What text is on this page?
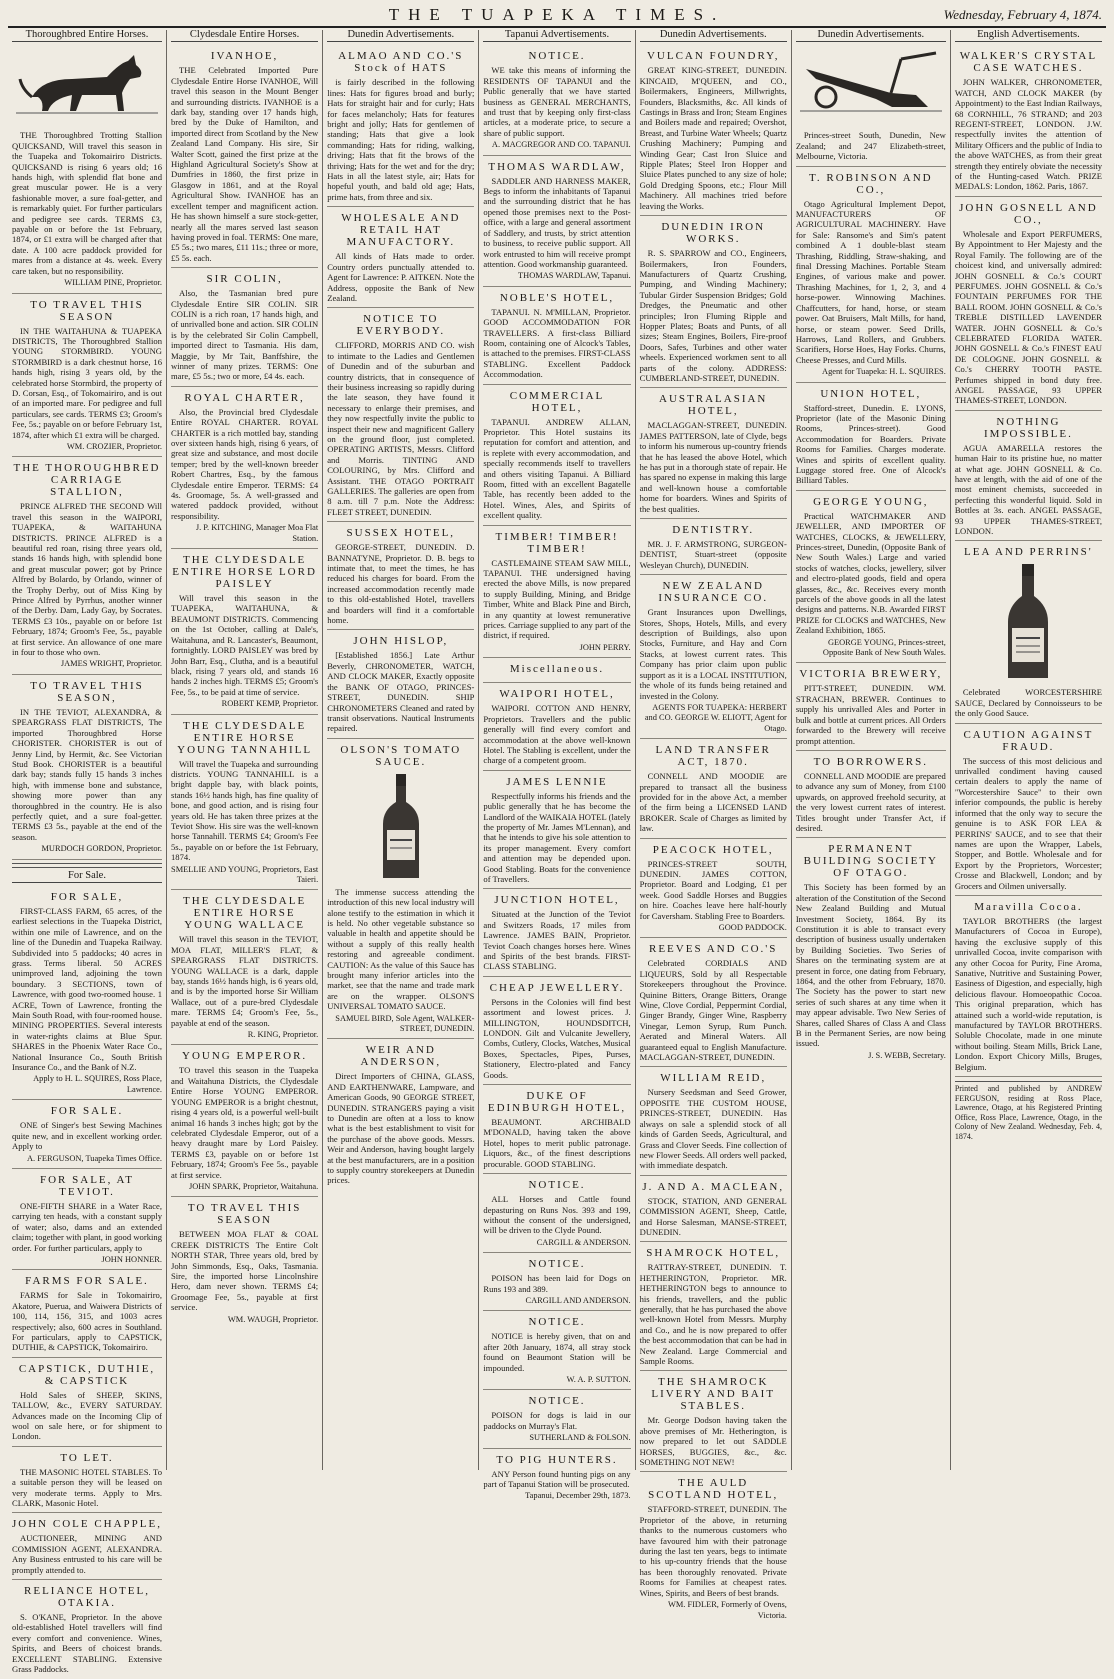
THE TUAPEKA TIMES.	Wednesday, February 4, 1874.
Thoroughbred Entire Horses.

THE Thoroughbred Trotting Stallion QUICKSAND, Will travel this season in the Tuapeka and Tokomairiro Districts. QUICKSAND is rising 6 years old; 16 hands high, with splendid flat bone and great muscular power. He is a very fashionable mover, a sure foal-getter, and is remarkably quiet. For further particulars and pedigree see cards. TERMS £3, payable on or before the 1st February, 1874, or £1 extra will be charged after that date. A 100 acre paddock provided for mares from a distance at 4s. week. Every care taken, but no responsibility.

WILLIAM PINE, Proprietor.
TO TRAVEL THIS SEASON

IN THE WAITAHUNA & TUAPEKA DISTRICTS, The Thoroughbred Stallion YOUNG STORMBIRD. YOUNG STORMBIRD is a dark chestnut horse, 16 hands high, rising 3 years old, by the celebrated horse Stormbird, the property of D. Corsan, Esq., of Tokomairiro, and is out of an imported mare. For pedigree and full particulars, see cards. TERMS £3; Groom's Fee, 5s.; payable on or before February 1st, 1874, after which £1 extra will be charged.

WM. CROZIER, Proprietor.
THE THOROUGHBRED CARRIAGE STALLION,

PRINCE ALFRED THE SECOND Will travel this season in the WAIPORI, TUAPEKA, & WAITAHUNA DISTRICTS. PRINCE ALFRED is a beautiful red roan, rising three years old, stands 16 hands high, with splendid bone and great muscular power; got by Prince Alfred by Bolardo, by Orlando, winner of the Trophy Derby, out of Miss King by Prince Alfred by Pyrrhus, another winner of the Derby. Dam, Lady Gay, by Socrates. TERMS £3 10s., payable on or before 1st February, 1874; Groom's Fee, 5s., payable at first service. An allowance of one mare in four to those who own.

JAMES WRIGHT, Proprietor.
TO TRAVEL THIS SEASON,

IN THE TEVIOT, ALEXANDRA, & SPEARGRASS FLAT DISTRICTS, The imported Thoroughbred Horse CHORISTER. CHORISTER is out of Jenny Lind, by Hermit, &c. See Victorian Stud Book. CHORISTER is a beautiful dark bay; stands fully 15 hands 3 inches high, with immense bone and substance, showing more power than any thoroughbred in the country. He is also perfectly quiet, and a sure foal-getter. TERMS £3 5s., payable at the end of the season.

MURDOCH GORDON, Proprietor.
For Sale.
FOR SALE,

FIRST-CLASS FARM, 65 acres, of the earliest selections in the Tuapeka District, within one mile of Lawrence, and on the line of the Dunedin and Tuapeka Railway. Subdivided into 5 paddocks; 40 acres in grass. Terms liberal. 50 ACRES unimproved land, adjoining the town boundary. 3 SECTIONS, town of Lawrence, with good two-roomed house. 1 ACRE, Town of Lawrence, fronting the Main South Road, with four-roomed house. MINING PROPERTIES. Several interests in water-rights claims at Blue Spur. SHARES in the Phoenix Water Race Co., National Insurance Co., South British Insurance Co., and the Bank of N.Z.

Apply to H. L. SQUIRES, Ross Place, Lawrence.
FOR SALE.

ONE of Singer's best Sewing Machines quite new, and in excellent working order. Apply to

A. FERGUSON, Tuapeka Times Office.
FOR SALE, AT TEVIOT.

ONE-FIFTH SHARE in a Water Race, carrying ten heads, with a constant supply of water; also, dams and an extended claim; together with plant, in good working order. For further particulars, apply to

JOHN HONNER.
FARMS FOR SALE.

FARMS for Sale in Tokomairiro, Akatore, Puerua, and Waiwera Districts of 100, 114, 156, 315, and 1003 acres respectively; also, 600 acres in Southland. For particulars, apply to CAPSTICK, DUTHIE, & CAPSTICK, Tokomairiro.

CAPSTICK, DUTHIE, & CAPSTICK

Hold Sales of SHEEP, SKINS, TALLOW, &c., EVERY SATURDAY. Advances made on the Incoming Clip of wool on sale here, or for shipment to London.

TO LET.

THE MASONIC HOTEL STABLES. To a suitable person they will be leased on very moderate terms. Apply to Mrs. CLARK, Masonic Hotel.

JOHN COLE CHAPPLE,

AUCTIONEER, MINING AND COMMISSION AGENT, ALEXANDRA. Any Business entrusted to his care will be promptly attended to.

RELIANCE HOTEL, OTAKIA.

S. O'KANE, Proprietor. In the above old-established Hotel travellers will find every comfort and convenience. Wines, Spirits, and Beers of choicest brands. EXCELLENT STABLING. Extensive Grass Paddocks.

Clydesdale Entire Horses.
IVANHOE,

THE Celebrated Imported Pure Clydesdale Entire Horse IVANHOE, Will travel this season in the Mount Benger and surrounding districts. IVANHOE is a dark bay, standing over 17 hands high, bred by the Duke of Hamilton, and imported direct from Scotland by the New Zealand Land Company. His sire, Sir Walter Scott, gained the first prize at the Highland Agricultural Society's Show at Dumfries in 1860, the first prize in Glasgow in 1861, and at the Royal Agricultural Show. IVANHOE has an excellent temper and magnificent action. He has shown himself a sure stock-getter, nearly all the mares served last season having proved in foal. TERMS: One mare, £5 5s.; two mares, £11 11s.; three or more, £5 5s. each.

SIR COLIN,

Also, the Tasmanian bred pure Clydesdale Entire SIR COLIN. SIR COLIN is a rich roan, 17 hands high, and of unrivalled bone and action. SIR COLIN is by the celebrated Sir Colin Campbell, imported direct to Tasmania. His dam, Maggie, by Mr Tait, Banffshire, the winner of many prizes. TERMS: One mare, £5 5s.; two or more, £4 4s. each.

ROYAL CHARTER,

Also, the Provincial bred Clydesdale Entire ROYAL CHARTER. ROYAL CHARTER is a rich mottled bay, standing over sixteen hands high, rising 6 years, of great size and substance, and most docile temper; bred by the well-known breeder Robert Chartres, Esq., by the famous Clydesdale entire Emperor. TERMS: £4 4s. Groomage, 5s. A well-grassed and watered paddock provided, without responsibility.

J. P. KITCHING, Manager Moa Flat Station.
THE CLYDESDALE ENTIRE HORSE LORD PAISLEY

Will travel this season in the TUAPEKA, WAITAHUNA, & BEAUMONT DISTRICTS. Commencing on the 1st October, calling at Dale's, Waitahuna, and R. Lancaster's, Beaumont, fortnightly. LORD PAISLEY was bred by John Barr, Esq., Clutha, and is a beautiful black, rising 7 years old, and stands 16 hands 2 inches high. TERMS £5; Groom's Fee, 5s., to be paid at time of service.

ROBERT KEMP, Proprietor.
THE CLYDESDALE ENTIRE HORSE YOUNG TANNAHILL

Will travel the Tuapeka and surrounding districts. YOUNG TANNAHILL is a bright dapple bay, with black points, stands 16½ hands high, has fine quality of bone, and good action, and is rising four years old. He has taken three prizes at the Teviot Show. His sire was the well-known horse Tannahill. TERMS £4; Groom's Fee 5s., payable on or before the 1st February, 1874.

SMELLIE AND YOUNG, Proprietors, East Taieri.
THE CLYDESDALE ENTIRE HORSE YOUNG WALLACE

Will travel this season in the TEVIOT, MOA FLAT, MILLER'S FLAT, & SPEARGRASS FLAT DISTRICTS. YOUNG WALLACE is a dark, dapple bay, stands 16½ hands high, is 6 years old, and is by the imported horse Sir William Wallace, out of a pure-bred Clydesdale mare. TERMS £4; Groom's Fee, 5s., payable at end of the season.

R. KING, Proprietor.
YOUNG EMPEROR.

TO travel this season in the Tuapeka and Waitahuna Districts, the Clydesdale Entire Horse YOUNG EMPEROR. YOUNG EMPEROR is a bright chestnut, rising 4 years old, is a powerful well-built animal 16 hands 3 inches high; got by the celebrated Clydesdale Emperor, out of a heavy draught mare by Lord Paisley. TERMS £3, payable on or before 1st February, 1874; Groom's Fee 5s., payable at first service.

JOHN SPARK, Proprietor, Waitahuna.
TO TRAVEL THIS SEASON

BETWEEN MOA FLAT & COAL CREEK DISTRICTS The Entire Colt NORTH STAR, Three years old, bred by John Simmonds, Esq., Oaks, Tasmania. Sire, the imported horse Lincolnshire Hero, dam never shown. TERMS £4; Groomage Fee, 5s., payable at first service.

WM. WAUGH, Proprietor.
Dunedin Advertisements.
ALMAO AND CO.'S Stock of HATS

is fairly described in the following lines: Hats for figures broad and burly; Hats for straight hair and for curly; Hats for faces melancholy; Hats for features bright and jolly; Hats for gentlemen of standing; Hats that give a look commanding; Hats for riding, walking, driving; Hats that fit the brows of the thriving; Hats for the wet and for the dry; Hats in all the latest style, air; Hats for hopeful youth, and bald old age; Hats, prime hats, from three and six.

WHOLESALE AND RETAIL HAT MANUFACTORY.

All kinds of Hats made to order. Country orders punctually attended to. Agent for Lawrence: P. AITKEN. Note the Address, opposite the Bank of New Zealand.

NOTICE TO EVERYBODY.

CLIFFORD, MORRIS AND CO. wish to intimate to the Ladies and Gentlemen of Dunedin and of the suburban and country districts, that in consequence of their business increasing so rapidly during the late season, they have found it necessary to enlarge their premises, and they now respectfully invite the public to inspect their new and magnificent Gallery on the ground floor, just completed. OPERATING ARTISTS, Messrs. Clifford and Morris. TINTING AND COLOURING, by Mrs. Clifford and Assistant. THE OTAGO PORTRAIT GALLERIES. The galleries are open from 8 a.m. till 7 p.m. Note the Address: FLEET STREET, DUNEDIN.

SUSSEX HOTEL,

GEORGE-STREET, DUNEDIN. D. BANNATYNE, Proprietor. D. B. begs to intimate that, to meet the times, he has reduced his charges for board. From the increased accommodation recently made to this old-established Hotel, travellers and boarders will find it a comfortable home.

JOHN HISLOP,

[Established 1856.] Late Arthur Beverly, CHRONOMETER, WATCH, AND CLOCK MAKER, Exactly opposite the BANK OF OTAGO, PRINCES-STREET, DUNEDIN. SHIP CHRONOMETERS Cleaned and rated by transit observations. Nautical Instruments repaired.

OLSON'S TOMATO SAUCE.

The immense success attending the introduction of this new local industry will alone testify to the estimation in which it is held. No other vegetable substance so valuable in health and appetite should be without a supply of this really health restoring and agreeable condiment. CAUTION: As the value of this Sauce has brought many inferior articles into the market, see that the name and trade mark are on the wrapper. OLSON'S UNIVERSAL TOMATO SAUCE.

SAMUEL BIRD, Sole Agent, WALKER-STREET, DUNEDIN.
WEIR AND ANDERSON,

Direct Importers of CHINA, GLASS, AND EARTHENWARE, Lampware, and American Goods, 90 GEORGE STREET, DUNEDIN. STRANGERS paying a visit to Dunedin are often at a loss to know what is the best establishment to visit for the purchase of the above goods. Messrs. Weir and Anderson, having bought largely at the best manufacturers, are in a position to supply country storekeepers at Dunedin prices.

Tapanui Advertisements.
NOTICE.

WE take this means of informing the RESIDENTS OF TAPANUI and the Public generally that we have started business as GENERAL MERCHANTS, and trust that by keeping only first-class articles, at a moderate price, to secure a share of public support.

A. MACGREGOR AND CO. TAPANUI.
THOMAS WARDLAW,

SADDLER AND HARNESS MAKER, Begs to inform the inhabitants of Tapanui and the surrounding district that he has opened those premises next to the Post-office, with a large and general assortment of Saddlery, and trusts, by strict attention to business, to receive public support. All work entrusted to him will receive prompt attention. Good workmanship guaranteed.

THOMAS WARDLAW, Tapanui.
NOBLE'S HOTEL,

TAPANUI. N. M'MILLAN, Proprietor. GOOD ACCOMMODATION FOR TRAVELLERS. A first-class Billiard Room, containing one of Alcock's Tables, is attached to the premises. FIRST-CLASS STABLING. Excellent Paddock Accommodation.

COMMERCIAL HOTEL,

TAPANUI. ANDREW ALLAN, Proprietor. This Hotel sustains its reputation for comfort and attention, and is replete with every accommodation, and specially recommends itself to travellers and others visiting Tapanui. A Billiard Room, fitted with an excellent Bagatelle Table, has recently been added to the Hotel. Wines, Ales, and Spirits of excellent quality.

TIMBER! TIMBER! TIMBER!

CASTLEMAINE STEAM SAW MILL, TAPANUI. THE undersigned having erected the above Mills, is now prepared to supply Building, Mining, and Bridge Timber, White and Black Pine and Birch, in any quantity at lowest remunerative prices. Carriage supplied to any part of the district, if required.

JOHN PERRY.
Miscellaneous.
WAIPORI HOTEL,

WAIPORI. COTTON AND HENRY, Proprietors. Travellers and the public generally will find every comfort and accommodation at the above well-known Hotel. The Stabling is excellent, under the charge of a competent groom.

JAMES LENNIE

Respectfully informs his friends and the public generally that he has become the Landlord of the WAIKAIA HOTEL (lately the property of Mr. James M'Lennan), and that he intends to give his sole attention to its proper management. Every comfort and attention may be depended upon. Good Stabling. Boats for the convenience of Travellers.

JUNCTION HOTEL,

Situated at the Junction of the Teviot and Switzers Roads, 17 miles from Lawrence. JAMES BAIN, Proprietor. Teviot Coach changes horses here. Wines and Spirits of the best brands. FIRST-CLASS STABLING.

CHEAP JEWELLERY.

Persons in the Colonies will find best assortment and lowest prices. J. MILLINGTON, HOUNDSDITCH, LONDON. Gilt and Vulcanite Jewellery, Combs, Cutlery, Clocks, Watches, Musical Boxes, Spectacles, Pipes, Purses, Stationery, Electro-plated and Fancy Goods.

DUKE OF EDINBURGH HOTEL,

BEAUMONT. ARCHIBALD M'DONALD, having taken the above Hotel, hopes to merit public patronage. Liquors, &c., of the finest descriptions procurable. GOOD STABLING.

NOTICE.

ALL Horses and Cattle found depasturing on Runs Nos. 393 and 199, without the consent of the undersigned, will be driven to the Clyde Pound.

CARGILL & ANDERSON.
NOTICE.

POISON has been laid for Dogs on Runs 193 and 389.

CARGILL AND ANDERSON.
NOTICE.

NOTICE is hereby given, that on and after 20th January, 1874, all stray stock found on Beaumont Station will be impounded.

W. A. P. SUTTON.
NOTICE.

POISON for dogs is laid in our paddocks on Murray's Flat.

SUTHERLAND & FOLSON.
TO PIG HUNTERS.

ANY Person found hunting pigs on any part of Tapanui Station will be prosecuted.

Tapanui, December 29th, 1873.
Dunedin Advertisements.
VULCAN FOUNDRY,

GREAT KING-STREET, DUNEDIN. KINCAID, M'QUEEN, and CO., Boilermakers, Engineers, Millwrights, Founders, Blacksmiths, &c. All kinds of Castings in Brass and Iron; Steam Engines and Boilers made and repaired; Overshot, Breast, and Turbine Water Wheels; Quartz Crushing Machinery; Pumping and Winding Gear; Cast Iron Sluice and Ripple Plates; Steel Iron Hopper and Sluice Plates punched to any size of hole; Gold Dredging Spoons, etc.; Flour Mill Machinery. All machines tried before leaving the Works.

DUNEDIN IRON WORKS.

R. S. SPARROW and CO., Engineers, Boilermakers, Iron Founders, Manufacturers of Quartz Crushing, Pumping, and Winding Machinery; Tubular Girder Suspension Bridges; Gold Dredges, the Pneumatic and other principles; Iron Fluming Ripple and Hopper Plates; Boats and Punts, of all sizes; Steam Engines, Boilers, Fire-proof Doors, Safes, Turbines and other water wheels. Experienced workmen sent to all parts of the colony. ADDRESS: CUMBERLAND-STREET, DUNEDIN.

AUSTRALASIAN HOTEL,

MACLAGGAN-STREET, DUNEDIN. JAMES PATTERSON, late of Clyde, begs to inform his numerous up-country friends that he has leased the above Hotel, which he has put in a thorough state of repair. He has spared no expense in making this large and well-known house a comfortable home for boarders. Wines and Spirits of the best qualities.

DENTISTRY.

MR. J. F. ARMSTRONG, SURGEON-DENTIST, Stuart-street (opposite Wesleyan Church), DUNEDIN.

NEW ZEALAND INSURANCE CO.

Grant Insurances upon Dwellings, Stores, Shops, Hotels, Mills, and every description of Buildings, also upon Stocks, Furniture, and Hay and Corn Stacks, at lowest current rates. This Company has prior claim upon public support as it is a LOCAL INSTITUTION, the whole of its funds being retained and invested in the Colony.

AGENTS FOR TUAPEKA: HERBERT and CO. GEORGE W. ELIOTT, Agent for Otago.
LAND TRANSFER ACT, 1870.

CONNELL AND MOODIE are prepared to transact all the business provided for in the above Act, a member of the firm being a LICENSED LAND BROKER. Scale of Charges as limited by law.

PEACOCK HOTEL,

PRINCES-STREET SOUTH, DUNEDIN. JAMES COTTON, Proprietor. Board and Lodging, £1 per week. Good Saddle Horses and Buggies on hire. Coaches leave here half-hourly for Caversham. Stabling Free to Boarders.

GOOD PADDOCK.
REEVES AND CO.'S

Celebrated CORDIALS AND LIQUEURS, Sold by all Respectable Storekeepers throughout the Province. Quinine Bitters, Orange Bitters, Orange Wine, Clove Cordial, Peppermint Cordial, Ginger Brandy, Ginger Wine, Raspberry Vinegar, Lemon Syrup, Rum Punch. Aerated and Mineral Waters. All guaranteed equal to English Manufacture. MACLAGGAN-STREET, DUNEDIN.

WILLIAM REID,

Nursery Seedsman and Seed Grower, OPPOSITE THE CUSTOM HOUSE, PRINCES-STREET, DUNEDIN. Has always on sale a splendid stock of all kinds of Garden Seeds, Agricultural, and Grass and Clover Seeds. Fine collection of new Flower Seeds. All orders well packed, with immediate despatch.

J. AND A. MACLEAN,

STOCK, STATION, AND GENERAL COMMISSION AGENT, Sheep, Cattle, and Horse Salesman, MANSE-STREET, DUNEDIN.

SHAMROCK HOTEL,

RATTRAY-STREET, DUNEDIN. T. HETHERINGTON, Proprietor. MR. HETHERINGTON begs to announce to his friends, travellers, and the public generally, that he has purchased the above well-known Hotel from Messrs. Murphy and Co., and he is now prepared to offer the best accommodation that can be had in New Zealand. Large Commercial and Sample Rooms.

THE SHAMROCK LIVERY AND BAIT STABLES.

Mr. George Dodson having taken the above premises of Mr. Hetherington, is now prepared to let out SADDLE HORSES, BUGGIES, &c., &c. SOMETHING NOT NEW!

THE AULD SCOTLAND HOTEL,

STAFFORD-STREET, DUNEDIN. The Proprietor of the above, in returning thanks to the numerous customers who have favoured him with their patronage during the last ten years, begs to intimate to his up-country friends that the house has been thoroughly renovated. Private Rooms for Families at cheapest rates. Wines, Spirits, and Beers of best brands.

WM. FIDLER, Formerly of Ovens, Victoria.
Dunedin Advertisements.

Princes-street South, Dunedin, New Zealand; and 247 Elizabeth-street, Melbourne, Victoria.

T. ROBINSON AND CO.,

Otago Agricultural Implement Depot, MANUFACTURERS OF AGRICULTURAL MACHINERY. Have for Sale: Ransome's and Sim's patent combined A 1 double-blast steam Thrashing, Riddling, Straw-shaking, and final Dressing Machines. Portable Steam Engines, of various make and power. Thrashing Machines, for 1, 2, 3, and 4 horse-power. Winnowing Machines. Chaffcutters, for hand, horse, or steam power. Oat Bruisers, Malt Mills, for hand, horse, or steam power. Seed Drills, Harrows, Land Rollers, and Grubbers. Scarifiers, Horse Hoes, Hay Forks. Churns, Cheese Presses, and Curd Mills.

Agent for Tuapeka: H. L. SQUIRES.
UNION HOTEL,

Stafford-street, Dunedin. E. LYONS, Proprietor (late of the Masonic Dining Rooms, Princes-street). Good Accommodation for Boarders. Private Rooms for Families. Charges moderate. Wines and spirits of excellent quality. Luggage stored free. One of Alcock's Billiard Tables.

GEORGE YOUNG,

Practical WATCHMAKER AND JEWELLER, AND IMPORTER OF WATCHES, CLOCKS, & JEWELLERY, Princes-street, Dunedin, (Opposite Bank of New South Wales.) Large and varied stocks of watches, clocks, jewellery, silver and electro-plated goods, field and opera glasses, &c., &c. Receives every month parcels of the above goods in all the latest designs and patterns. N.B. Awarded FIRST PRIZE for CLOCKS and WATCHES, New Zealand Exhibition, 1865.

GEORGE YOUNG, Princes-street, Opposite Bank of New South Wales.
VICTORIA BREWERY,

PITT-STREET, DUNEDIN. WM. STRACHAN, BREWER. Continues to supply his unrivalled Ales and Porter in bulk and bottle at current prices. All Orders forwarded to the Brewery will receive prompt attention.

TO BORROWERS.

CONNELL AND MOODIE are prepared to advance any sum of Money, from £100 upwards, on approved freehold security, at the very lowest current rates of interest. Titles brought under Transfer Act, if desired.

PERMANENT BUILDING SOCIETY OF OTAGO.

This Society has been formed by an alteration of the Constitution of the Second New Zealand Building and Mutual Investment Society, 1864. By its Constitution it is able to transact every description of business usually undertaken by Building Societies. Two Series of Shares on the terminating system are at present in force, one dating from February, 1864, and the other from February, 1870. The Society has the power to start new series of such shares at any time when it may appear advisable. Two New Series of Shares, called Shares of Class A and Class B in the Permanent Series, are now being issued.

J. S. WEBB, Secretary.
English Advertisements.
WALKER'S CRYSTAL CASE WATCHES.

JOHN WALKER, CHRONOMETER, WATCH, AND CLOCK MAKER (by Appointment) to the East Indian Railways, 68 CORNHILL, 76 STRAND; and 203 REGENT-STREET, LONDON. J.W. respectfully invites the attention of Military Officers and the public of India to the above WATCHES, as from their great strength they entirely obviate the necessity of the Hunting-cased Watch. PRIZE MEDALS: London, 1862. Paris, 1867.

JOHN GOSNELL AND CO.,

Wholesale and Export PERFUMERS, By Appointment to Her Majesty and the Royal Family. The following are of the choicest kind, and universally admired: JOHN GOSNELL & Co.'s COURT PERFUMES. JOHN GOSNELL & Co.'s FOUNTAIN PERFUMES FOR THE BALL ROOM. JOHN GOSNELL & Co.'s TREBLE DISTILLED LAVENDER WATER. JOHN GOSNELL & Co.'s CELEBRATED FLORIDA WATER. JOHN GOSNELL & Co.'s FINEST EAU DE COLOGNE. JOHN GOSNELL & Co.'s CHERRY TOOTH PASTE. Perfumes shipped in bond duty free. ANGEL PASSAGE, 93 UPPER THAMES-STREET, LONDON.

NOTHING IMPOSSIBLE.

AGUA AMARELLA restores the human Hair to its pristine hue, no matter at what age. JOHN GOSNELL & Co. have at length, with the aid of one of the most eminent chemists, succeeded in perfecting this wonderful liquid. Sold in Bottles at 3s. each. ANGEL PASSAGE, 93 UPPER THAMES-STREET, LONDON.

LEA AND PERRINS'

Celebrated WORCESTERSHIRE SAUCE, Declared by Connoisseurs to be the only Good Sauce.

CAUTION AGAINST FRAUD.

The success of this most delicious and unrivalled condiment having caused certain dealers to apply the name of "Worcestershire Sauce" to their own inferior compounds, the public is hereby informed that the only way to secure the genuine is to ASK FOR LEA & PERRINS' SAUCE, and to see that their names are upon the Wrapper, Labels, Stopper, and Bottle. Wholesale and for Export by the Proprietors, Worcester; Crosse and Blackwell, London; and by Grocers and Oilmen universally.

Maravilla Cocoa.

TAYLOR BROTHERS (the largest Manufacturers of Cocoa in Europe), having the exclusive supply of this unrivalled Cocoa, invite comparison with any other Cocoa for Purity, Fine Aroma, Sanative, Nutritive and Sustaining Power, Easiness of Digestion, and especially, high delicious flavour. Homoeopathic Cocoa. This original preparation, which has attained such a world-wide reputation, is manufactured by TAYLOR BROTHERS. Soluble Chocolate, made in one minute without boiling. Steam Mills, Brick Lane, London. Export Chicory Mills, Bruges, Belgium.

Printed and published by ANDREW FERGUSON, residing at Ross Place, Lawrence, Otago, at his Registered Printing Office, Ross Place, Lawrence, Otago, in the Colony of New Zealand. Wednesday, Feb. 4, 1874.
